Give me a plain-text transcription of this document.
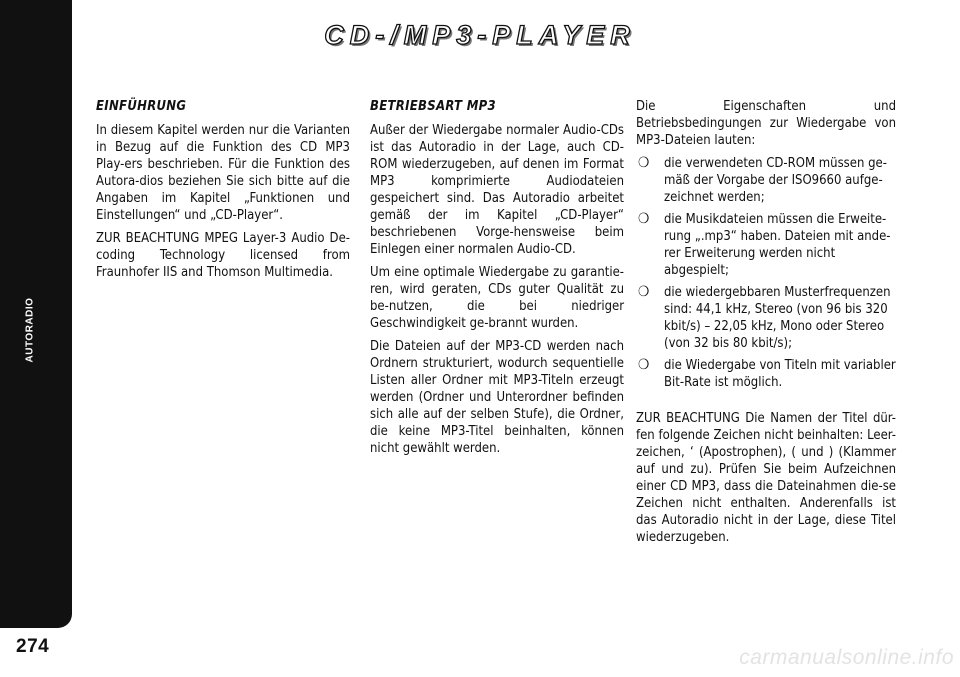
AUTORADIO
274
CD-/MP3-PLAYER
EINFÜHRUNG

In diesem Kapitel werden nur die Varianten in Bezug auf die Funktion des CD MP3 Play-ers beschrieben. Für die Funktion des Autora-dios beziehen Sie sich bitte auf die Angaben im Kapitel „Funktionen und Einstellungen“ und „CD-Player“.

ZUR BEACHTUNG MPEG Layer-3 Audio De-coding Technology licensed from Fraunhofer IIS and Thomson Multimedia.

BETRIEBSART MP3

Außer der Wiedergabe normaler Audio-CDs ist das Autoradio in der Lage, auch CD-ROM wiederzugeben, auf denen im Format MP3 komprimierte Audiodateien gespeichert sind. Das Autoradio arbeitet gemäß der im Kapitel „CD-Player“ beschriebenen Vorge-hensweise beim Einlegen einer normalen Audio-CD.

Um eine optimale Wiedergabe zu garantie-ren, wird geraten, CDs guter Qualität zu be-nutzen, die bei niedriger Geschwindigkeit ge-brannt wurden.

Die Dateien auf der MP3-CD werden nach Ordnern strukturiert, wodurch sequentielle Listen aller Ordner mit MP3-Titeln erzeugt werden (Ordner und Unterordner befinden sich alle auf der selben Stufe), die Ordner, die keine MP3-Titel beinhalten, können nicht gewählt werden.

Die Eigenschaften und Betriebsbedingungen zur Wiedergabe von MP3-Dateien lauten:

❍ die verwendeten CD-ROM müssen ge-mäß der Vorgabe der ISO9660 aufge-zeichnet werden;
❍ die Musikdateien müssen die Erweite-rung „.mp3“ haben. Dateien mit ande-rer Erweiterung werden nicht abgespielt;
❍ die wiedergebbaren Musterfrequenzen sind: 44,1 kHz, Stereo (von 96 bis 320 kbit/s) – 22,05 kHz, Mono oder Stereo (von 32 bis 80 kbit/s);
❍ die Wiedergabe von Titeln mit variabler Bit-Rate ist möglich.

ZUR BEACHTUNG Die Namen der Titel dür-fen folgende Zeichen nicht beinhalten: Leer-zeichen, ‘ (Apostrophen), ( und ) (Klammer auf und zu). Prüfen Sie beim Aufzeichnen einer CD MP3, dass die Dateinahmen die-se Zeichen nicht enthalten. Anderenfalls ist das Autoradio nicht in der Lage, diese Titel wiederzugeben.

carmanualsonline.info
